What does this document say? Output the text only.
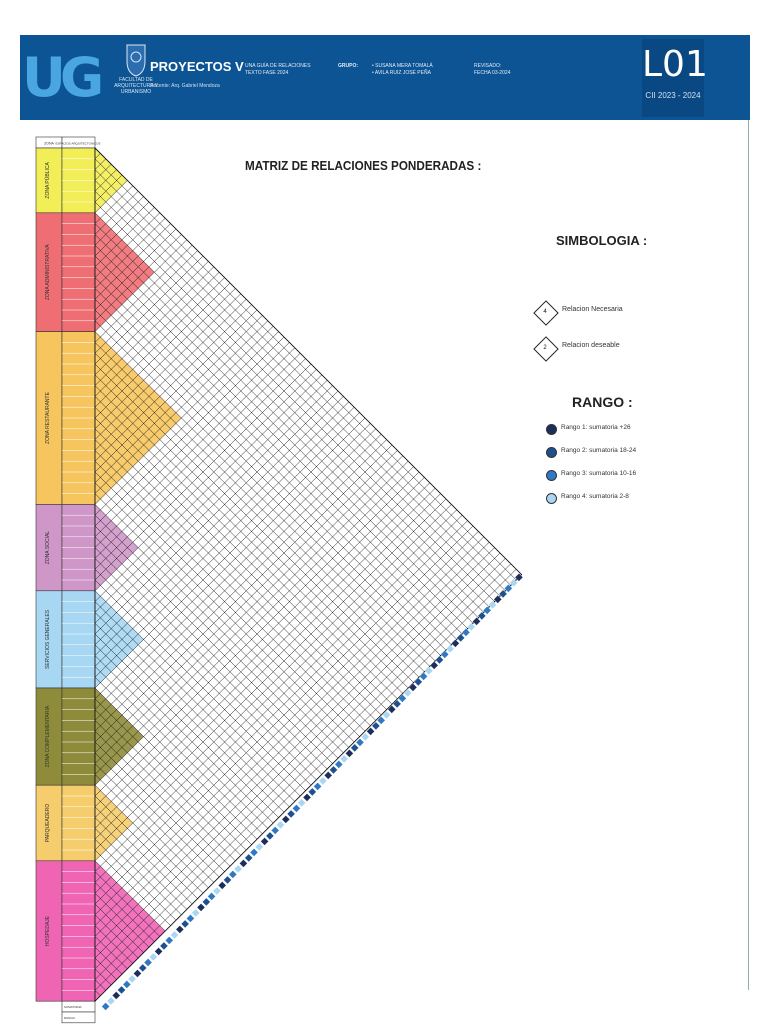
UG	FACULTAD DE ARQUITECTURA Y URBANISMO
PROYECTOS V
Docente: Arq. Gabriel Mendoza
UNA GUÍA DE RELACIONES
TEXTO FASE 2024
GRUPO:	• SUSANA MERA TOMALÁ
• AVILA RUIZ JOSÉ PEÑA
REVISADO:
FECHA 03-2024	L01
CII 2023 - 2024
MATRIZ DE RELACIONES PONDERADAS :
ZONA ESPACIOS ARQUITECTONICOS
ZONA PÚBLICA
ZONA ADMINISTRATIVA
ZONA RESTAURANTE
ZONA SOCIAL
SERVICIOS GENERALES
ZONA COMPLEMENTARIA
PARQUEADERO
HOSPEDAJE
SUMATORIA
RANGO
SIMBOLOGIA :
4	Relacion Necesaria
2	Relacion deseable
RANGO :
Rango 1: sumatoria +26
Rango 2: sumatoria 18-24
Rango 3: sumatoria 10-16
Rango 4: sumatoria 2-8
